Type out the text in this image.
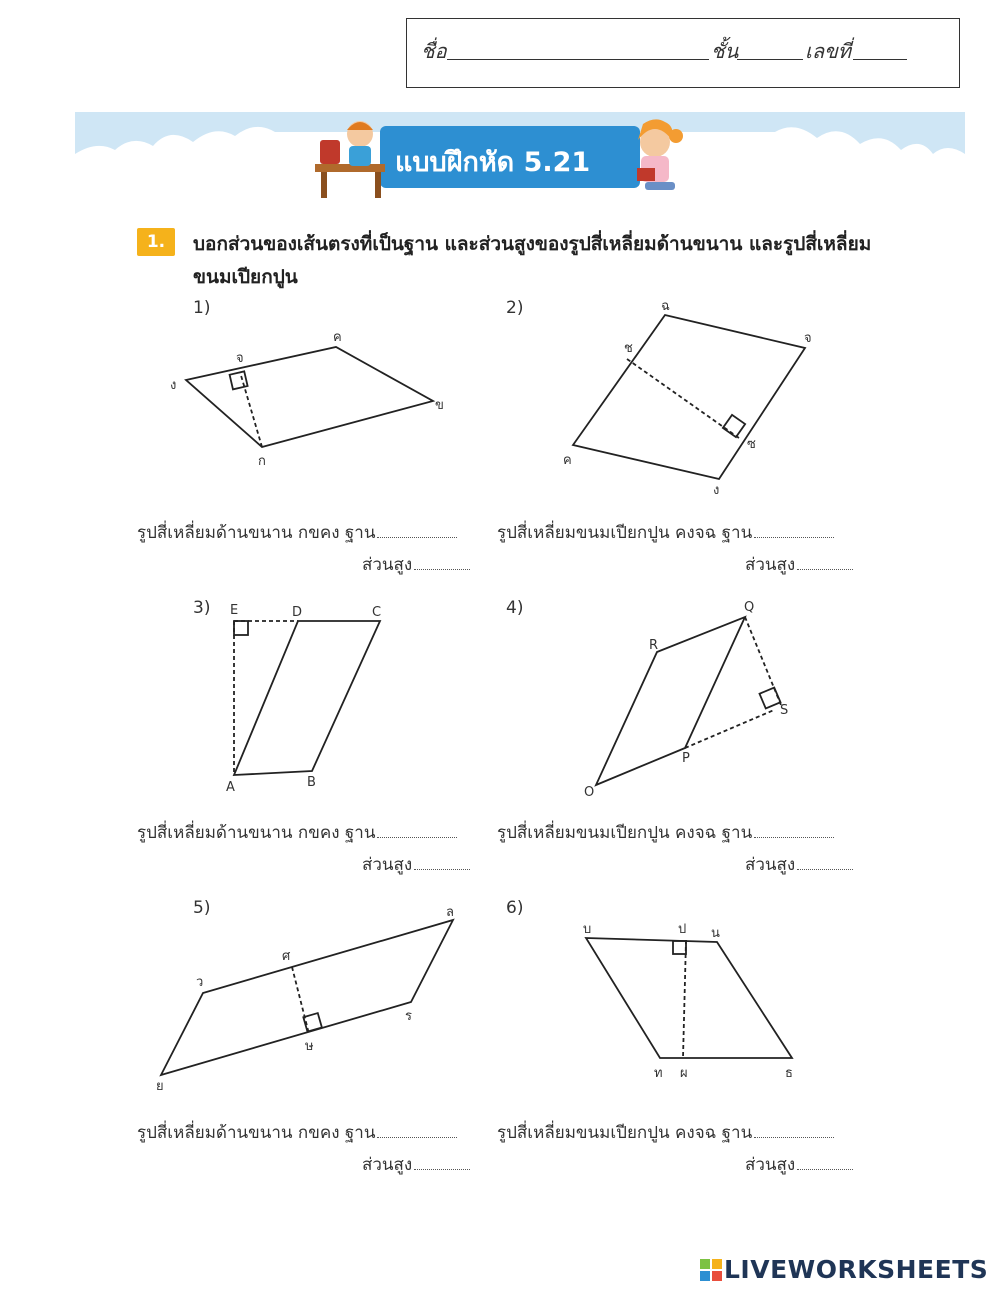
ชื่อ	ชั้น	เลขที่
แบบฝึกหัด 5.21
1.	บอกส่วนของเส้นตรงที่เป็นฐาน และส่วนสูงของรูปสี่เหลี่ยมด้านขนาน และรูปสี่เหลี่ยมขนมเปียกปูน
1)	2)
3)	4)
5)	6)
ก
ข
ค
ง
จ
ค
ง
จ
ฉ
ช
ซ
A	B
C
D
E
O
P
Q
R
S
ย
ร
ล
ว
ศ
ษ
ท	ธ
น
บ	ป
ผ
รูปสี่เหลี่ยมด้านขนาน กขคง ฐาน
ส่วนสูง
รูปสี่เหลี่ยมขนมเปียกปูน คงจฉ ฐาน
ส่วนสูง
รูปสี่เหลี่ยมด้านขนาน กขคง ฐาน
ส่วนสูง
รูปสี่เหลี่ยมขนมเปียกปูน คงจฉ ฐาน
ส่วนสูง
รูปสี่เหลี่ยมด้านขนาน กขคง ฐาน
ส่วนสูง
รูปสี่เหลี่ยมขนมเปียกปูน คงจฉ ฐาน
ส่วนสูง
LIVEWORKSHEETS
